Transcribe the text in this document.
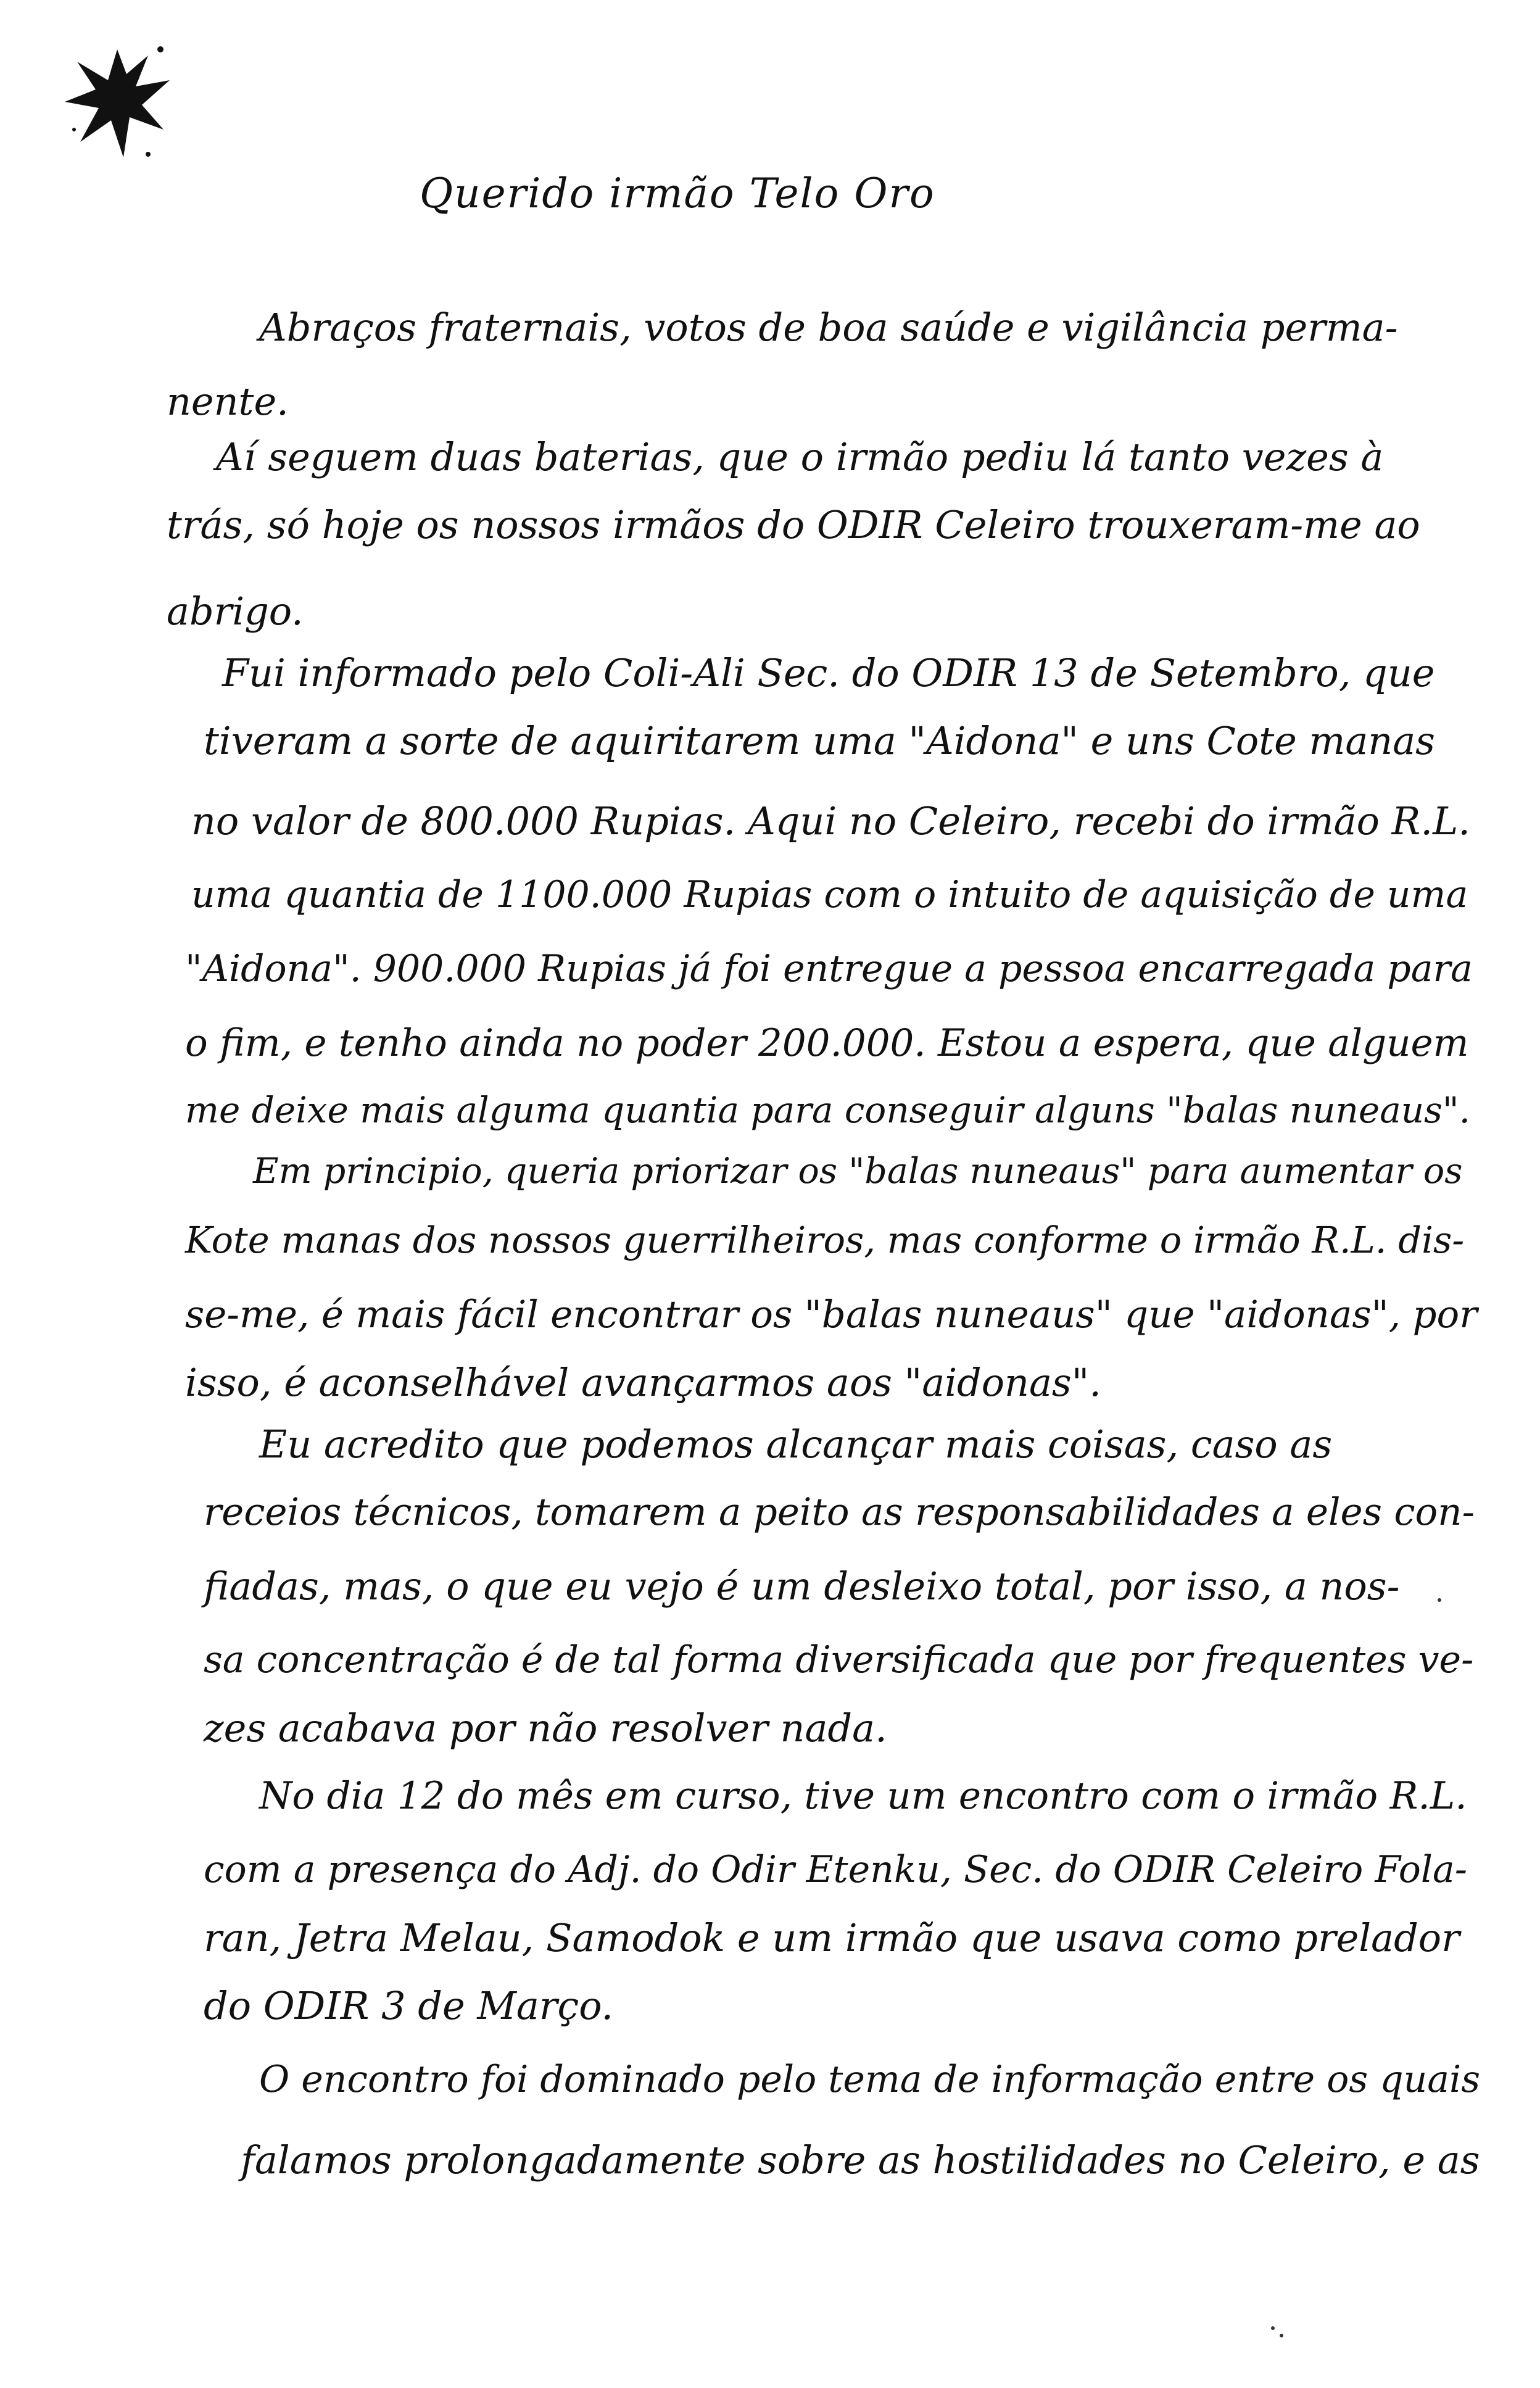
Querido irmão Telo Oro
Abraços fraternais, votos de boa saúde e vigilância perma-
nente.
Aí seguem duas baterias, que o irmão pediu lá tanto vezes à
trás, só hoje os nossos irmãos do ODIR Celeiro trouxeram-me ao
abrigo.
Fui informado pelo Coli-Ali Sec. do ODIR 13 de Setembro, que
tiveram a sorte de aquiritarem uma "Aidona" e uns Cote manas
no valor de 800.000 Rupias. Aqui no Celeiro, recebi do irmão R.L.
uma quantia de 1100.000 Rupias com o intuito de aquisição de uma
"Aidona". 900.000 Rupias já foi entregue a pessoa encarregada para
o fim, e tenho ainda no poder 200.000. Estou a espera, que alguem
me deixe mais alguma quantia para conseguir alguns "balas nuneaus".
Em principio, queria priorizar os "balas nuneaus" para aumentar os
Kote manas dos nossos guerrilheiros, mas conforme o irmão R.L. dis-
se-me, é mais fácil encontrar os "balas nuneaus" que "aidonas", por
isso, é aconselhável avançarmos aos "aidonas".
Eu acredito que podemos alcançar mais coisas, caso as
receios técnicos, tomarem a peito as responsabilidades a eles con-
fiadas, mas, o que eu vejo é um desleixo total, por isso, a nos-
sa concentração é de tal forma diversificada que por frequentes ve-
zes acabava por não resolver nada.
No dia 12 do mês em curso, tive um encontro com o irmão R.L.
com a presença do Adj. do Odir Etenku, Sec. do ODIR Celeiro Fola-
ran, Jetra Melau, Samodok e um irmão que usava como prelador
do ODIR 3 de Março.
O encontro foi dominado pelo tema de informação entre os quais
falamos prolongadamente sobre as hostilidades no Celeiro, e as
